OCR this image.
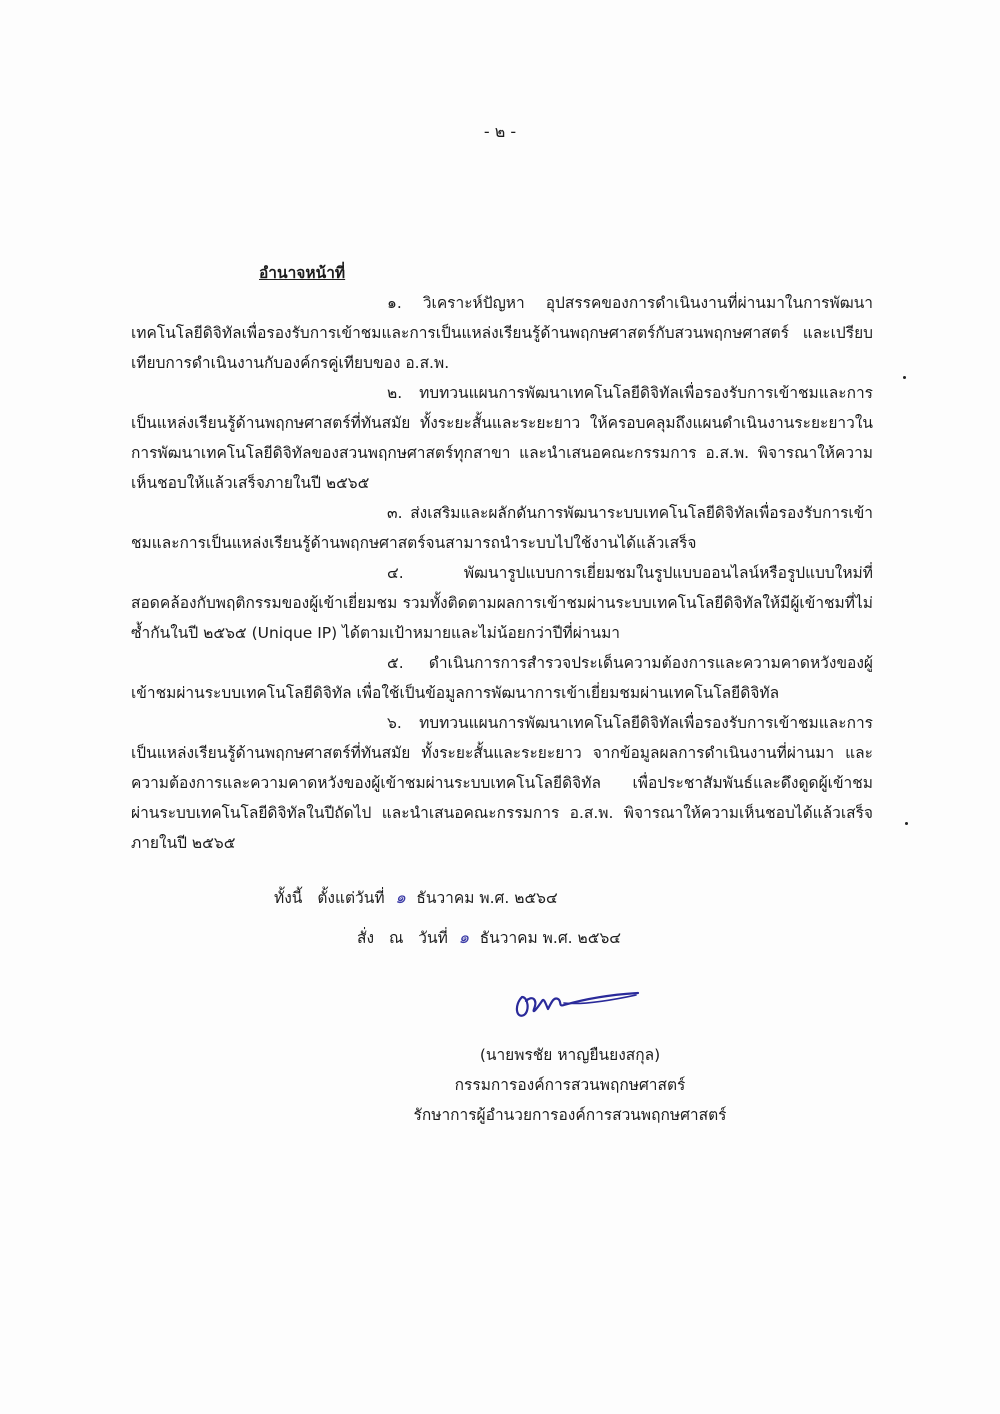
- ๒ -
อำนาจหน้าที่

๑. วิเคราะห์ปัญหา อุปสรรคของการดำเนินงานที่ผ่านมาในการพัฒนาเทคโนโลยีดิจิทัลเพื่อรองรับการเข้าชมและการเป็นแหล่งเรียนรู้ด้านพฤกษศาสตร์กับสวนพฤกษศาสตร์ และเปรียบเทียบการดำเนินงานกับองค์กรคู่เทียบของ อ.ส.พ.

๒. ทบทวนแผนการพัฒนาเทคโนโลยีดิจิทัลเพื่อรองรับการเข้าชมและการเป็นแหล่งเรียนรู้ด้านพฤกษศาสตร์ที่ทันสมัย ทั้งระยะสั้นและระยะยาว ให้ครอบคลุมถึงแผนดำเนินงานระยะยาวในการพัฒนาเทคโนโลยีดิจิทัลของสวนพฤกษศาสตร์ทุกสาขา และนำเสนอคณะกรรมการ อ.ส.พ. พิจารณาให้ความเห็นชอบให้แล้วเสร็จภายในปี ๒๕๖๕

๓. ส่งเสริมและผลักดันการพัฒนาระบบเทคโนโลยีดิจิทัลเพื่อรองรับการเข้าชมและการเป็นแหล่งเรียนรู้ด้านพฤกษศาสตร์จนสามารถนำระบบไปใช้งานได้แล้วเสร็จ

๔.	พัฒนารูปแบบการเยี่ยมชมในรูปแบบออนไลน์หรือรูปแบบใหม่ที่สอดคล้องกับพฤติกรรมของผู้เข้าเยี่ยมชม รวมทั้งติดตามผลการเข้าชมผ่านระบบเทคโนโลยีดิจิทัลให้มีผู้เข้าชมที่ไม่ซ้ำกันในปี ๒๕๖๕ (Unique IP) ได้ตามเป้าหมายและไม่น้อยกว่าปีที่ผ่านมา

๕. ดำเนินการการสำรวจประเด็นความต้องการและความคาดหวังของผู้เข้าชมผ่านระบบเทคโนโลยีดิจิทัล เพื่อใช้เป็นข้อมูลการพัฒนาการเข้าเยี่ยมชมผ่านเทคโนโลยีดิจิทัล

๖. ทบทวนแผนการพัฒนาเทคโนโลยีดิจิทัลเพื่อรองรับการเข้าชมและการเป็นแหล่งเรียนรู้ด้านพฤกษศาสตร์ที่ทันสมัย ทั้งระยะสั้นและระยะยาว จากข้อมูลผลการดำเนินงานที่ผ่านมา และความต้องการและความคาดหวังของผู้เข้าชมผ่านระบบเทคโนโลยีดิจิทัล เพื่อประชาสัมพันธ์และดึงดูดผู้เข้าชมผ่านระบบเทคโนโลยีดิจิทัลในปีถัดไป และนำเสนอคณะกรรมการ อ.ส.พ. พิจารณาให้ความเห็นชอบได้แล้วเสร็จภายในปี ๒๕๖๕

ทั้งนี้ ตั้งแต่วันที่ ๑ ธันวาคม พ.ศ. ๒๕๖๔
สั่ง ณ วันที่ ๑ ธันวาคม พ.ศ. ๒๕๖๔
(นายพรชัย หาญยืนยงสกุล)
กรรมการองค์การสวนพฤกษศาสตร์
รักษาการผู้อำนวยการองค์การสวนพฤกษศาสตร์
